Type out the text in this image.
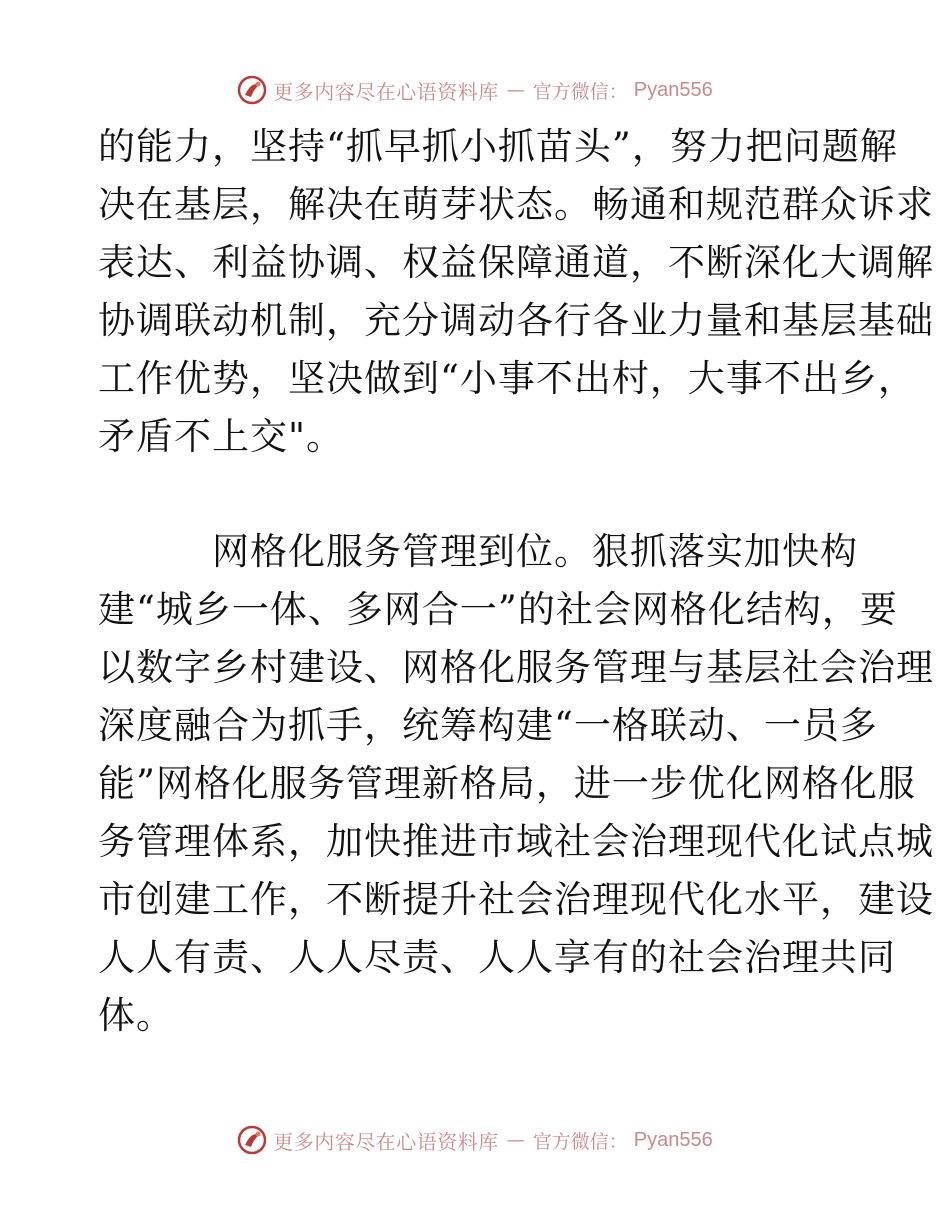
更多内容尽在心语资料库 — 官方微信： Pyan556
的能力，坚持“抓早抓小抓苗头”，努力把问题解
决在基层，解决在萌芽状态。畅通和规范群众诉求
表达、利益协调、权益保障通道，不断深化大调解
协调联动机制，充分调动各行各业力量和基层基础
工作优势，坚决做到“小事不出村，大事不出乡，
矛盾不上交"。
　　　网格化服务管理到位。狠抓落实加快构
建“城乡一体、多网合一”的社会网格化结构，要
以数字乡村建设、网格化服务管理与基层社会治理
深度融合为抓手，统筹构建“一格联动、一员多
能”网格化服务管理新格局，进一步优化网格化服
务管理体系，加快推进市域社会治理现代化试点城
市创建工作，不断提升社会治理现代化水平，建设
人人有责、人人尽责、人人享有的社会治理共同
体。
更多内容尽在心语资料库 — 官方微信： Pyan556
